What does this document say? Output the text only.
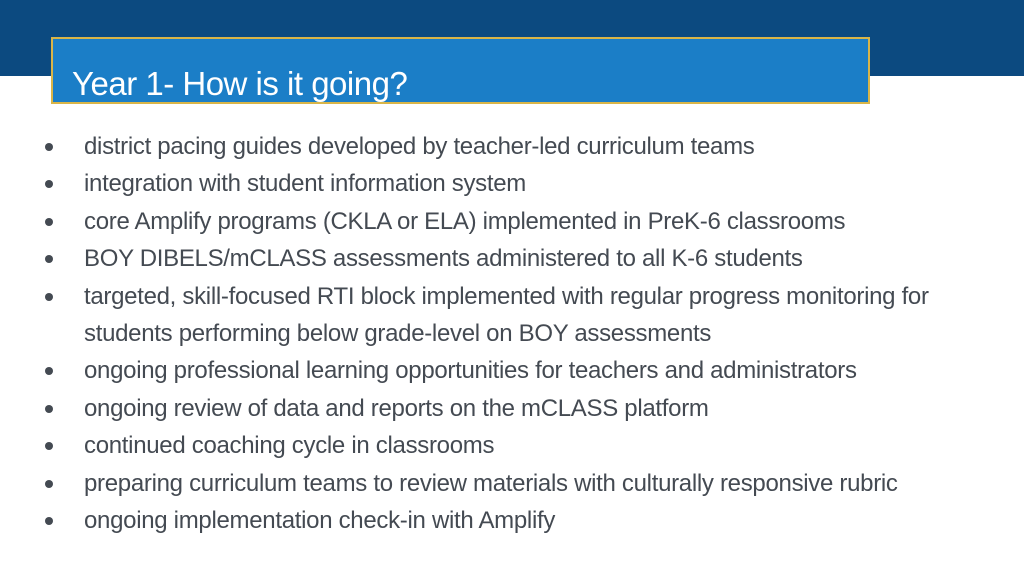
Year 1- How is it going?
district pacing guides developed by teacher-led curriculum teams
integration with student information system
core Amplify programs (CKLA or ELA) implemented in PreK-6 classrooms
BOY DIBELS/mCLASS assessments administered to all K-6 students
targeted, skill-focused RTI block implemented with regular progress monitoring for students performing below grade-level on BOY assessments
ongoing professional learning opportunities for teachers and administrators
ongoing review of data and reports on the mCLASS platform
continued coaching cycle in classrooms
preparing curriculum teams to review materials with culturally responsive rubric
ongoing implementation check-in with Amplify
